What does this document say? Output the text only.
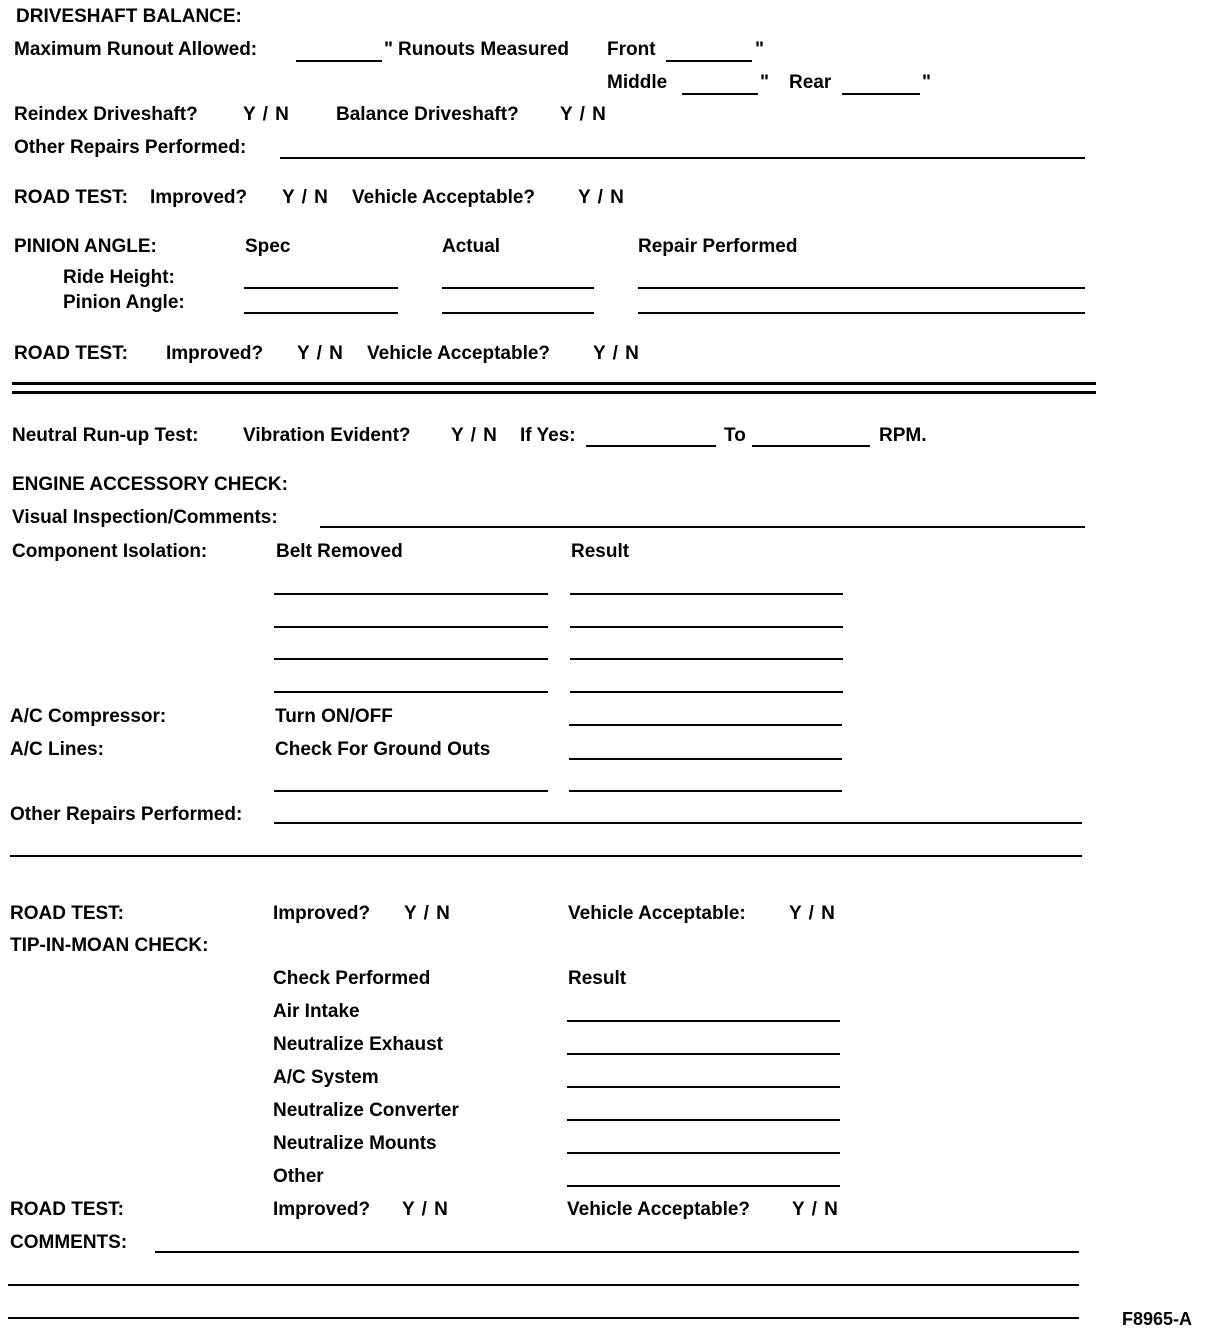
DRIVESHAFT BALANCE:
Maximum Runout Allowed:	" Runouts Measured Front	"
Middle	" Rear	"
Reindex Driveshaft? Y / N Balance Driveshaft? Y / N
Other Repairs Performed:
ROAD TEST: Improved? Y / N Vehicle Acceptable? Y / N
PINION ANGLE:	Spec	Actual	Repair Performed
Ride Height:
Pinion Angle:
ROAD TEST: Improved? Y / N Vehicle Acceptable? Y / N
Neutral Run-up Test: Vibration Evident? Y / N If Yes:	To	RPM.
ENGINE ACCESSORY CHECK:
Visual Inspection/Comments:
Component Isolation:	Belt Removed	Result
A/C Compressor:	Turn ON/OFF
A/C Lines:	Check For Ground Outs
Other Repairs Performed:
ROAD TEST:	Improved? Y / N	Vehicle Acceptable: Y / N
TIP-IN-MOAN CHECK:
Check Performed	Result
Air Intake
Neutralize Exhaust
A/C System
Neutralize Converter
Neutralize Mounts
Other
ROAD TEST:	Improved? Y / N	Vehicle Acceptable? Y / N
COMMENTS:
F8965-A
